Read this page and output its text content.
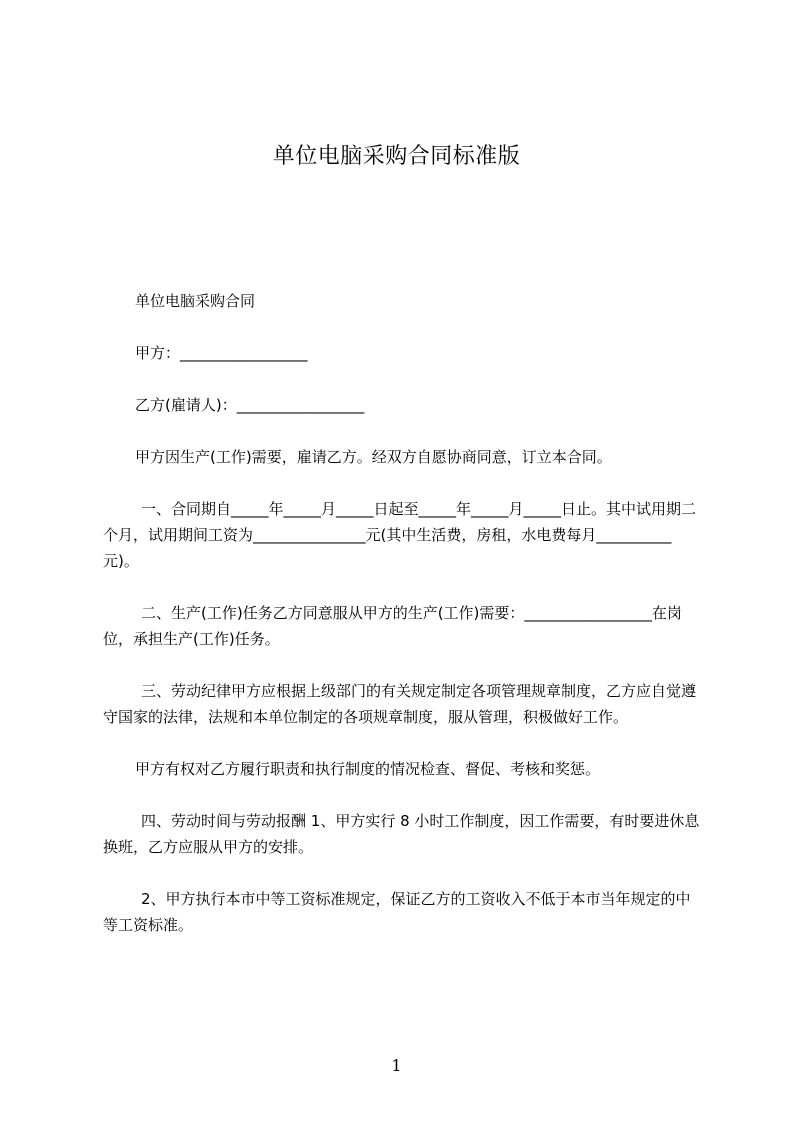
单位电脑采购合同标准版

单位电脑采购合同

甲方：_________________

乙方(雇请人)：_________________

甲方因生产(工作)需要，雇请乙方。经双方自愿协商同意，订立本合同。

一、合同期自_____年_____月_____日起至_____年_____月_____日止。其中试用期二个月，试用期间工资为_______________元(其中生活费，房租，水电费每月__________元)。

二、生产(工作)任务乙方同意服从甲方的生产(工作)需要：_________________在岗位，承担生产(工作)任务。

三、劳动纪律甲方应根据上级部门的有关规定制定各项管理规章制度，乙方应自觉遵守国家的法律，法规和本单位制定的各项规章制度，服从管理，积极做好工作。

甲方有权对乙方履行职责和执行制度的情况检查、督促、考核和奖惩。

四、劳动时间与劳动报酬 1、甲方实行 8 小时工作制度，因工作需要，有时要进休息换班，乙方应服从甲方的安排。

2、甲方执行本市中等工资标准规定，保证乙方的工资收入不低于本市当年规定的中等工资标准。

1
